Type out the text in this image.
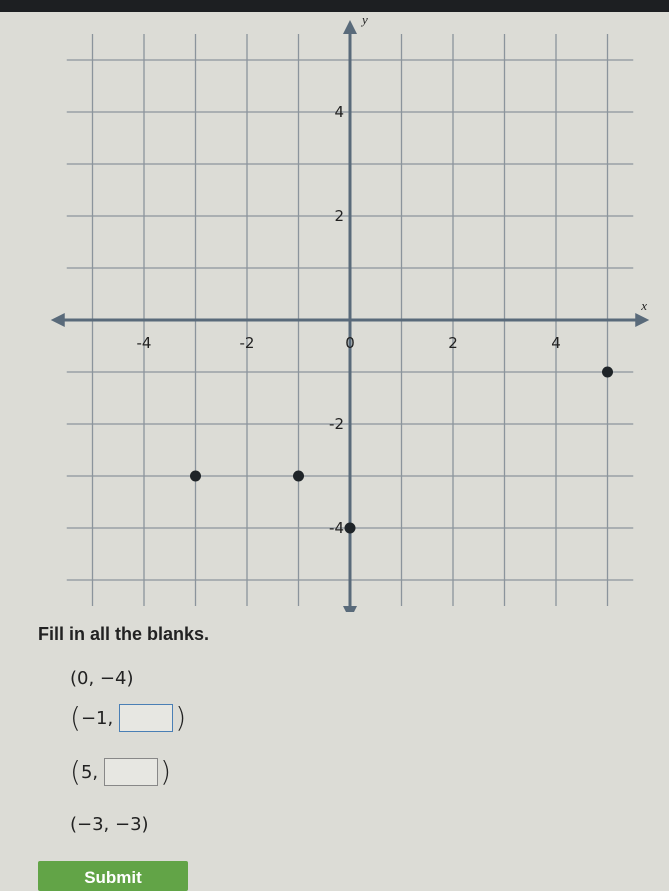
x
y
-4	-2	0	2	4
4
2
-2
-4
Fill in all the blanks.
(0, −4)
( −1, )
( 5, )
(−3, −3)
Submit
